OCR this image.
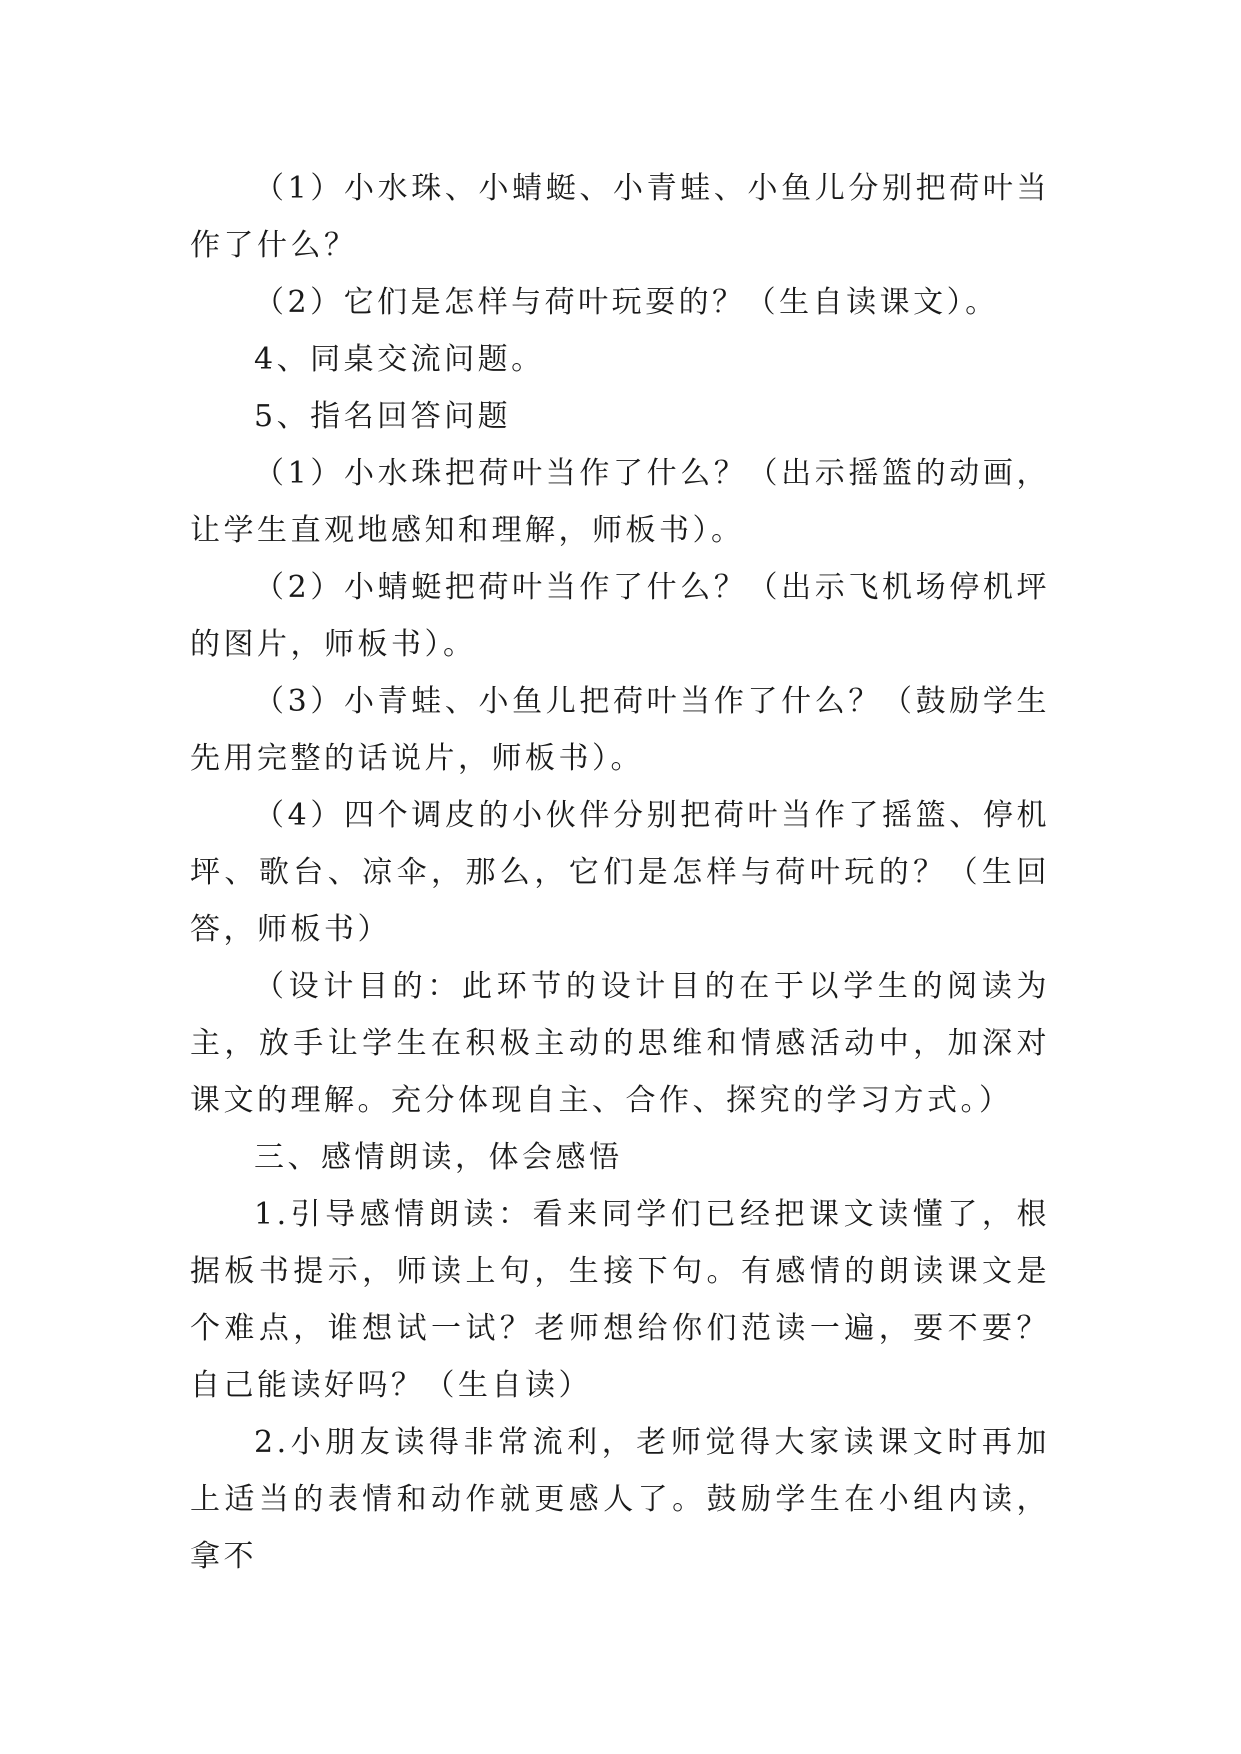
（1）小水珠、小蜻蜓、小青蛙、小鱼儿分别把荷叶当作了什么？

（2）它们是怎样与荷叶玩耍的？（生自读课文）。

4、同桌交流问题。

5、指名回答问题

（1）小水珠把荷叶当作了什么？（出示摇篮的动画，让学生直观地感知和理解，师板书）。

（2）小蜻蜓把荷叶当作了什么？（出示飞机场停机坪的图片，师板书）。

（3）小青蛙、小鱼儿把荷叶当作了什么？（鼓励学生先用完整的话说片，师板书）。

（4）四个调皮的小伙伴分别把荷叶当作了摇篮、停机坪、歌台、凉伞，那么，它们是怎样与荷叶玩的？（生回答，师板书）

（设计目的：此环节的设计目的在于以学生的阅读为主，放手让学生在积极主动的思维和情感活动中，加深对课文的理解。充分体现自主、合作、探究的学习方式。）

三、感情朗读，体会感悟

1.引导感情朗读：看来同学们已经把课文读懂了，根据板书提示，师读上句，生接下句。有感情的朗读课文是个难点，谁想试一试？老师想给你们范读一遍，要不要？自己能读好吗？（生自读）

2.小朋友读得非常流利，老师觉得大家读课文时再加上适当的表情和动作就更感人了。鼓励学生在小组内读，拿不
